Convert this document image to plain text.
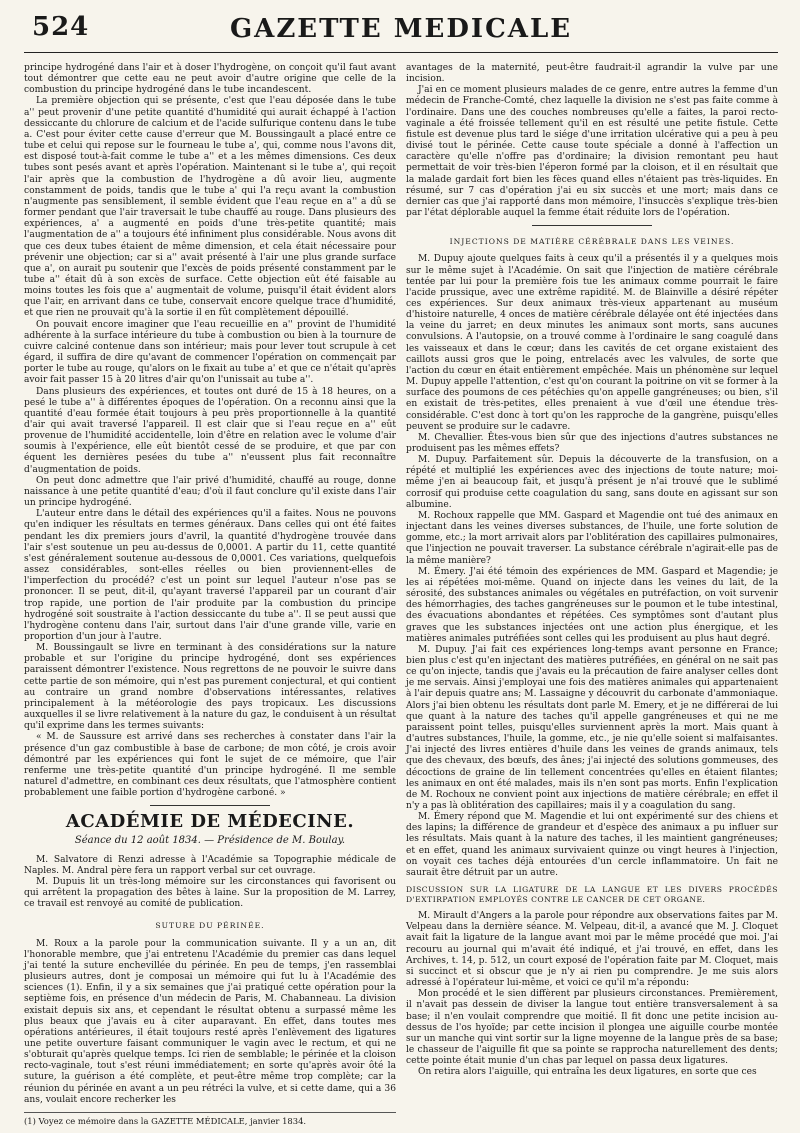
524	GAZETTE MEDICALE

principe hydrogéné dans l'air et à doser l'hydrogène, on conçoit qu'il faut avant tout démontrer que cette eau ne peut avoir d'autre origine que celle de la combustion du principe hydrogéné dans le tube incandescent.

La première objection qui se présente, c'est que l'eau déposée dans le tube a'' peut provenir d'une petite quantité d'humidité qui aurait échappé à l'action dessiccante du chlorure de calcium et de l'acide sulfurique contenu dans le tube a. C'est pour éviter cette cause d'erreur que M. Boussingault a placé entre ce tube et celui qui repose sur le fourneau le tube a', qui, comme nous l'avons dit, est disposé tout-à-fait comme le tube a'' et a les mêmes dimensions. Ces deux tubes sont pesés avant et après l'opération. Maintenant si le tube a', qui reçoit l'air après que la combustion de l'hydrogène a dû avoir lieu, augmente constamment de poids, tandis que le tube a' qui l'a reçu avant la combustion n'augmente pas sensiblement, il semble évident que l'eau reçue en a'' a dû se former pendant que l'air traversait le tube chauffé au rouge. Dans plusieurs des expériences, a' a augmenté en poids d'une très-petite quantité; mais l'augmentation de a'' a toujours été infiniment plus considérable. Nous avons dit que ces deux tubes étaient de même dimension, et cela était nécessaire pour prévenir une objection; car si a'' avait présenté à l'air une plus grande surface que a', on aurait pu soutenir que l'excès de poids présenté constamment par le tube a'' était dû à son excès de surface. Cette objection eût été faisable au moins toutes les fois que a' augmentait de volume, puisqu'il était évident alors que l'air, en arrivant dans ce tube, conservait encore quelque trace d'humidité, et que rien ne prouvait qu'à la sortie il en fût complètement dépouillé.

On pouvait encore imaginer que l'eau recueillie en a'' provint de l'humidité adhérente à la surface intérieure du tube à combustion ou bien à la tournure de cuivre calciné contenue dans son intérieur; mais pour lever tout scrupule à cet égard, il suffira de dire qu'avant de commencer l'opération on commençait par porter le tube au rouge, qu'alors on le fixait au tube a' et que ce n'était qu'après avoir fait passer 15 à 20 litres d'air qu'on l'unissait au tube a''.

Dans plusieurs des expériences, et toutes ont duré de 15 à 18 heures, on a pesé le tube a'' à différentes époques de l'opération. On a reconnu ainsi que la quantité d'eau formée était toujours à peu près proportionnelle à la quantité d'air qui avait traversé l'appareil. Il est clair que si l'eau reçue en a'' eût provenue de l'humidité accidentelle, loin d'être en relation avec le volume d'air soumis à l'expérience, elle eût bientôt cessé de se produire, et que par con équent les dernières pesées du tube a'' n'eussent plus fait reconnaître d'augmentation de poids.

On peut donc admettre que l'air privé d'humidité, chauffé au rouge, donne naissance à une petite quantité d'eau; d'où il faut conclure qu'il existe dans l'air un principe hydrogéné.

L'auteur entre dans le détail des expériences qu'il a faites. Nous ne pouvons qu'en indiquer les résultats en termes généraux. Dans celles qui ont été faites pendant les dix premiers jours d'avril, la quantité d'hydrogène trouvée dans l'air s'est soutenue un peu au-dessus de 0,0001. A partir du 11, cette quantité s'est généralement soutenue au-dessous de 0,0001. Ces variations, quelquefois assez considérables, sont-elles réelles ou bien proviennent-elles de l'imperfection du procédé? c'est un point sur lequel l'auteur n'ose pas se prononcer. Il se peut, dit-il, qu'ayant traversé l'appareil par un courant d'air trop rapide, une portion de l'air produite par la combustion du principe hydrogéné soit soustraite à l'action dessiccante du tube a''. Il se peut aussi que l'hydrogène contenu dans l'air, surtout dans l'air d'une grande ville, varie en proportion d'un jour à l'autre.

M. Boussingault se livre en terminant à des considérations sur la nature probable et sur l'origine du principe hydrogéné, dont ses expériences paraissent démontrer l'existence. Nous regrettons de ne pouvoir le suivre dans cette partie de son mémoire, qui n'est pas purement conjectural, et qui contient au contraire un grand nombre d'observations intéressantes, relatives principalement à la météorologie des pays tropicaux. Les discussions auxquelles il se livre relativement à la nature du gaz, le conduisent à un résultat qu'il exprime dans les termes suivants:

« M. de Saussure est arrivé dans ses recherches à constater dans l'air la présence d'un gaz combustible à base de carbone; de mon côté, je crois avoir démontré par les expériences qui font le sujet de ce mémoire, que l'air renferme une très-petite quantité d'un principe hydrogéné. Il me semble naturel d'admettre, en combinant ces deux résultats, que l'atmosphère contient probablement une faible portion d'hydrogène carboné. »

ACADÉMIE DE MÉDECINE.
Séance du 12 août 1834. — Présidence de M. Boulay.

M. Salvatore di Renzi adresse à l'Académie sa Topographie médicale de Naples. M. Andral père fera un rapport verbal sur cet ouvrage.

M. Dupuis lit un très-long mémoire sur les circonstances qui favorisent ou qui arrêtent la propagation des bêtes à laine. Sur la proposition de M. Larrey, ce travail est renvoyé au comité de publication.

SUTURE DU PÉRINÉE.

M. Roux a la parole pour la communication suivante. Il y a un an, dit l'honorable membre, que j'ai entretenu l'Académie du premier cas dans lequel j'ai tenté la suture enchevillée du périnée. En peu de temps, j'en rassemblai plusieurs autres, dont je composai un mémoire qui fut lu à l'Académie des sciences (1). Enfin, il y a six semaines que j'ai pratiqué cette opération pour la septième fois, en présence d'un médecin de Paris, M. Chabanneau. La division existait depuis six ans, et cependant le résultat obtenu a surpassé même les plus beaux que j'avais eu à citer auparavant. En effet, dans toutes mes opérations antérieures, il était toujours resté après l'enlèvement des ligatures une petite ouverture faisant communiquer le vagin avec le rectum, et qui ne s'obturait qu'après quelque temps. Ici rien de semblable; le périnée et la cloison recto-vaginale, tout s'est réuni immédiatement; en sorte qu'après avoir ôté la suture, la guérison a été complète, et peut-être même trop complète; car la réunion du périnée en avant a un peu rétréci la vulve, et si cette dame, qui a 36 ans, voulait encore recherker les

(1) Voyez ce mémoire dans la GAZETTE MÉDICALE, janvier 1834.

avantages de la maternité, peut-être faudrait-il agrandir la vulve par une incision.

J'ai en ce moment plusieurs malades de ce genre, entre autres la femme d'un médecin de Franche-Comté, chez laquelle la division ne s'est pas faite comme à l'ordinaire. Dans une des couches nombreuses qu'elle a faites, la paroi recto-vaginale a été froissée tellement qu'il en est résulté une petite fistule. Cette fistule est devenue plus tard le siége d'une irritation ulcérative qui a peu à peu divisé tout le périnée. Cette cause toute spéciale a donné à l'affection un caractère qu'elle n'offre pas d'ordinaire; la division remontant peu haut permettait de voir très-bien l'éperon formé par la cloison, et il en résultait que la malade gardait fort bien les fèces quand elles n'étaient pas très-liquides. En résumé, sur 7 cas d'opération j'ai eu six succès et une mort; mais dans ce dernier cas que j'ai rapporté dans mon mémoire, l'insuccès s'explique très-bien par l'état déplorable auquel la femme était réduite lors de l'opération.

INJECTIONS DE MATIÈRE CÉRÉBRALE DANS LES VEINES.

M. Dupuy ajoute quelques faits à ceux qu'il a présentés il y a quelques mois sur le même sujet à l'Académie. On sait que l'injection de matière cérébrale tentée par lui pour la première fois tue les animaux comme pourrait le faire l'acide prussique, avec une extrême rapidité. M. de Blainville a désiré répéter ces expériences. Sur deux animaux très-vieux appartenant au muséum d'histoire naturelle, 4 onces de matière cérébrale délayée ont été injectées dans la veine du jarret; en deux minutes les animaux sont morts, sans aucunes convulsions. A l'autopsie, on a trouvé comme à l'ordinaire le sang coagulé dans les vaisseaux et dans le cœur; dans les cavités de cet organe existaient des caillots aussi gros que le poing, entrelacés avec les valvules, de sorte que l'action du cœur en était entièrement empêchée. Mais un phénomène sur lequel M. Dupuy appelle l'attention, c'est qu'on courant la poitrine on vit se former à la surface des poumons de ces pétéchies qu'on appelle gangréneuses; ou bien, s'il en existait de très-petites, elles prenaient à vue d'œil une étendue très-considérable. C'est donc à tort qu'on les rapproche de la gangrène, puisqu'elles peuvent se produire sur le cadavre.

M. Chevallier. Êtes-vous bien sûr que des injections d'autres substances ne produisent pas les mêmes effets?

M. Dupuy. Parfaitement sûr. Depuis la découverte de la transfusion, on a répété et multiplié les expériences avec des injections de toute nature; moi-même j'en ai beaucoup fait, et jusqu'à présent je n'ai trouvé que le sublimé corrosif qui produise cette coagulation du sang, sans doute en agissant sur son albumine.

M. Rochoux rappelle que MM. Gaspard et Magendie ont tué des animaux en injectant dans les veines diverses substances, de l'huile, une forte solution de gomme, etc.; la mort arrivait alors par l'oblitération des capillaires pulmonaires, que l'injection ne pouvait traverser. La substance cérébrale n'agirait-elle pas de la même manière?

M. Émery. J'ai été témoin des expériences de MM. Gaspard et Magendie; je les ai répétées moi-même. Quand on injecte dans les veines du lait, de la sérosité, des substances animales ou végétales en putréfaction, on voit survenir des hémorrhagies, des taches gangréneuses sur le poumon et le tube intestinal, des évacuations abondantes et répétées. Ces symptômes sont d'autant plus graves que les substances injectées ont une action plus énergique, et les matières animales putréfiées sont celles qui les produisent au plus haut degré.

M. Dupuy. J'ai fait ces expériences long-temps avant personne en France; bien plus c'est qu'en injectant des matières putréfiées, en général on ne sait pas ce qu'on injecte, tandis que j'avais eu la précaution de faire analyser celles dont je me servais. Ainsi j'employai une fois des matières animales qui appartenaient à l'air depuis quatre ans; M. Lassaigne y découvrit du carbonate d'ammoniaque. Alors j'ai bien obtenu les résultats dont parle M. Emery, et je ne différerai de lui que quant à la nature des taches qu'il appelle gangréneuses et qui ne me paraissent point telles, puisqu'elles surviennent après la mort. Mais quant à d'autres substances, l'huile, la gomme, etc., je nie qu'elle soient si malfaisantes. J'ai injecté des livres entières d'huile dans les veines de grands animaux, tels que des chevaux, des bœufs, des ânes; j'ai injecté des solutions gommeuses, des décoctions de graine de lin tellement concentrées qu'elles en étaient filantes; les animaux en ont été malades, mais ils n'en sont pas morts. Enfin l'explication de M. Rochoux ne convient point aux injections de matière cérébrale; en effet il n'y a pas là oblitération des capillaires; mais il y a coagulation du sang.

M. Émery répond que M. Magendie et lui ont expérimenté sur des chiens et des lapins; la différence de grandeur et d'espèce des animaux a pu influer sur les résultats. Mais quant à la nature des taches, il les maintient gangréneuses; et en effet, quand les animaux survivaient quinze ou vingt heures à l'injection, on voyait ces taches déjà entourées d'un cercle inflammatoire. Un fait ne saurait être détruit par un autre.

DISCUSSION SUR LA LIGATURE DE LA LANGUE ET LES DIVERS PROCÉDÉS D'EXTIRPATION EMPLOYÉS CONTRE LE CANCER DE CET ORGANE.

M. Mirault d'Angers a la parole pour répondre aux observations faites par M. Velpeau dans la dernière séance. M. Velpeau, dit-il, a avancé que M. J. Cloquet avait fait la ligature de la langue avant moi par le même procédé que moi. J'ai recouru au journal qui m'avait été indiqué, et j'ai trouvé, en effet, dans les Archives, t. 14, p. 512, un court exposé de l'opération faite par M. Cloquet, mais si succinct et si obscur que je n'y ai rien pu comprendre. Je me suis alors adressé à l'opérateur lui-même, et voici ce qu'il m'a répondu:

Mon procédé et le sien diffèrent par plusieurs circonstances. Premièrement, il n'avait pas dessein de diviser la langue tout entière transversalement à sa base; il n'en voulait comprendre que moitié. Il fit donc une petite incision au-dessus de l'os hyoïde; par cette incision il plongea une aiguille courbe montée sur un manche qui vint sortir sur la ligne moyenne de la langue près de sa base; le chasseur de l'aiguille fit que sa pointe se rapprocha naturellement des dents; cette pointe était munie d'un chas par lequel on passa deux ligatures.

On retira alors l'aiguille, qui entraîna les deux ligatures, en sorte que ces
